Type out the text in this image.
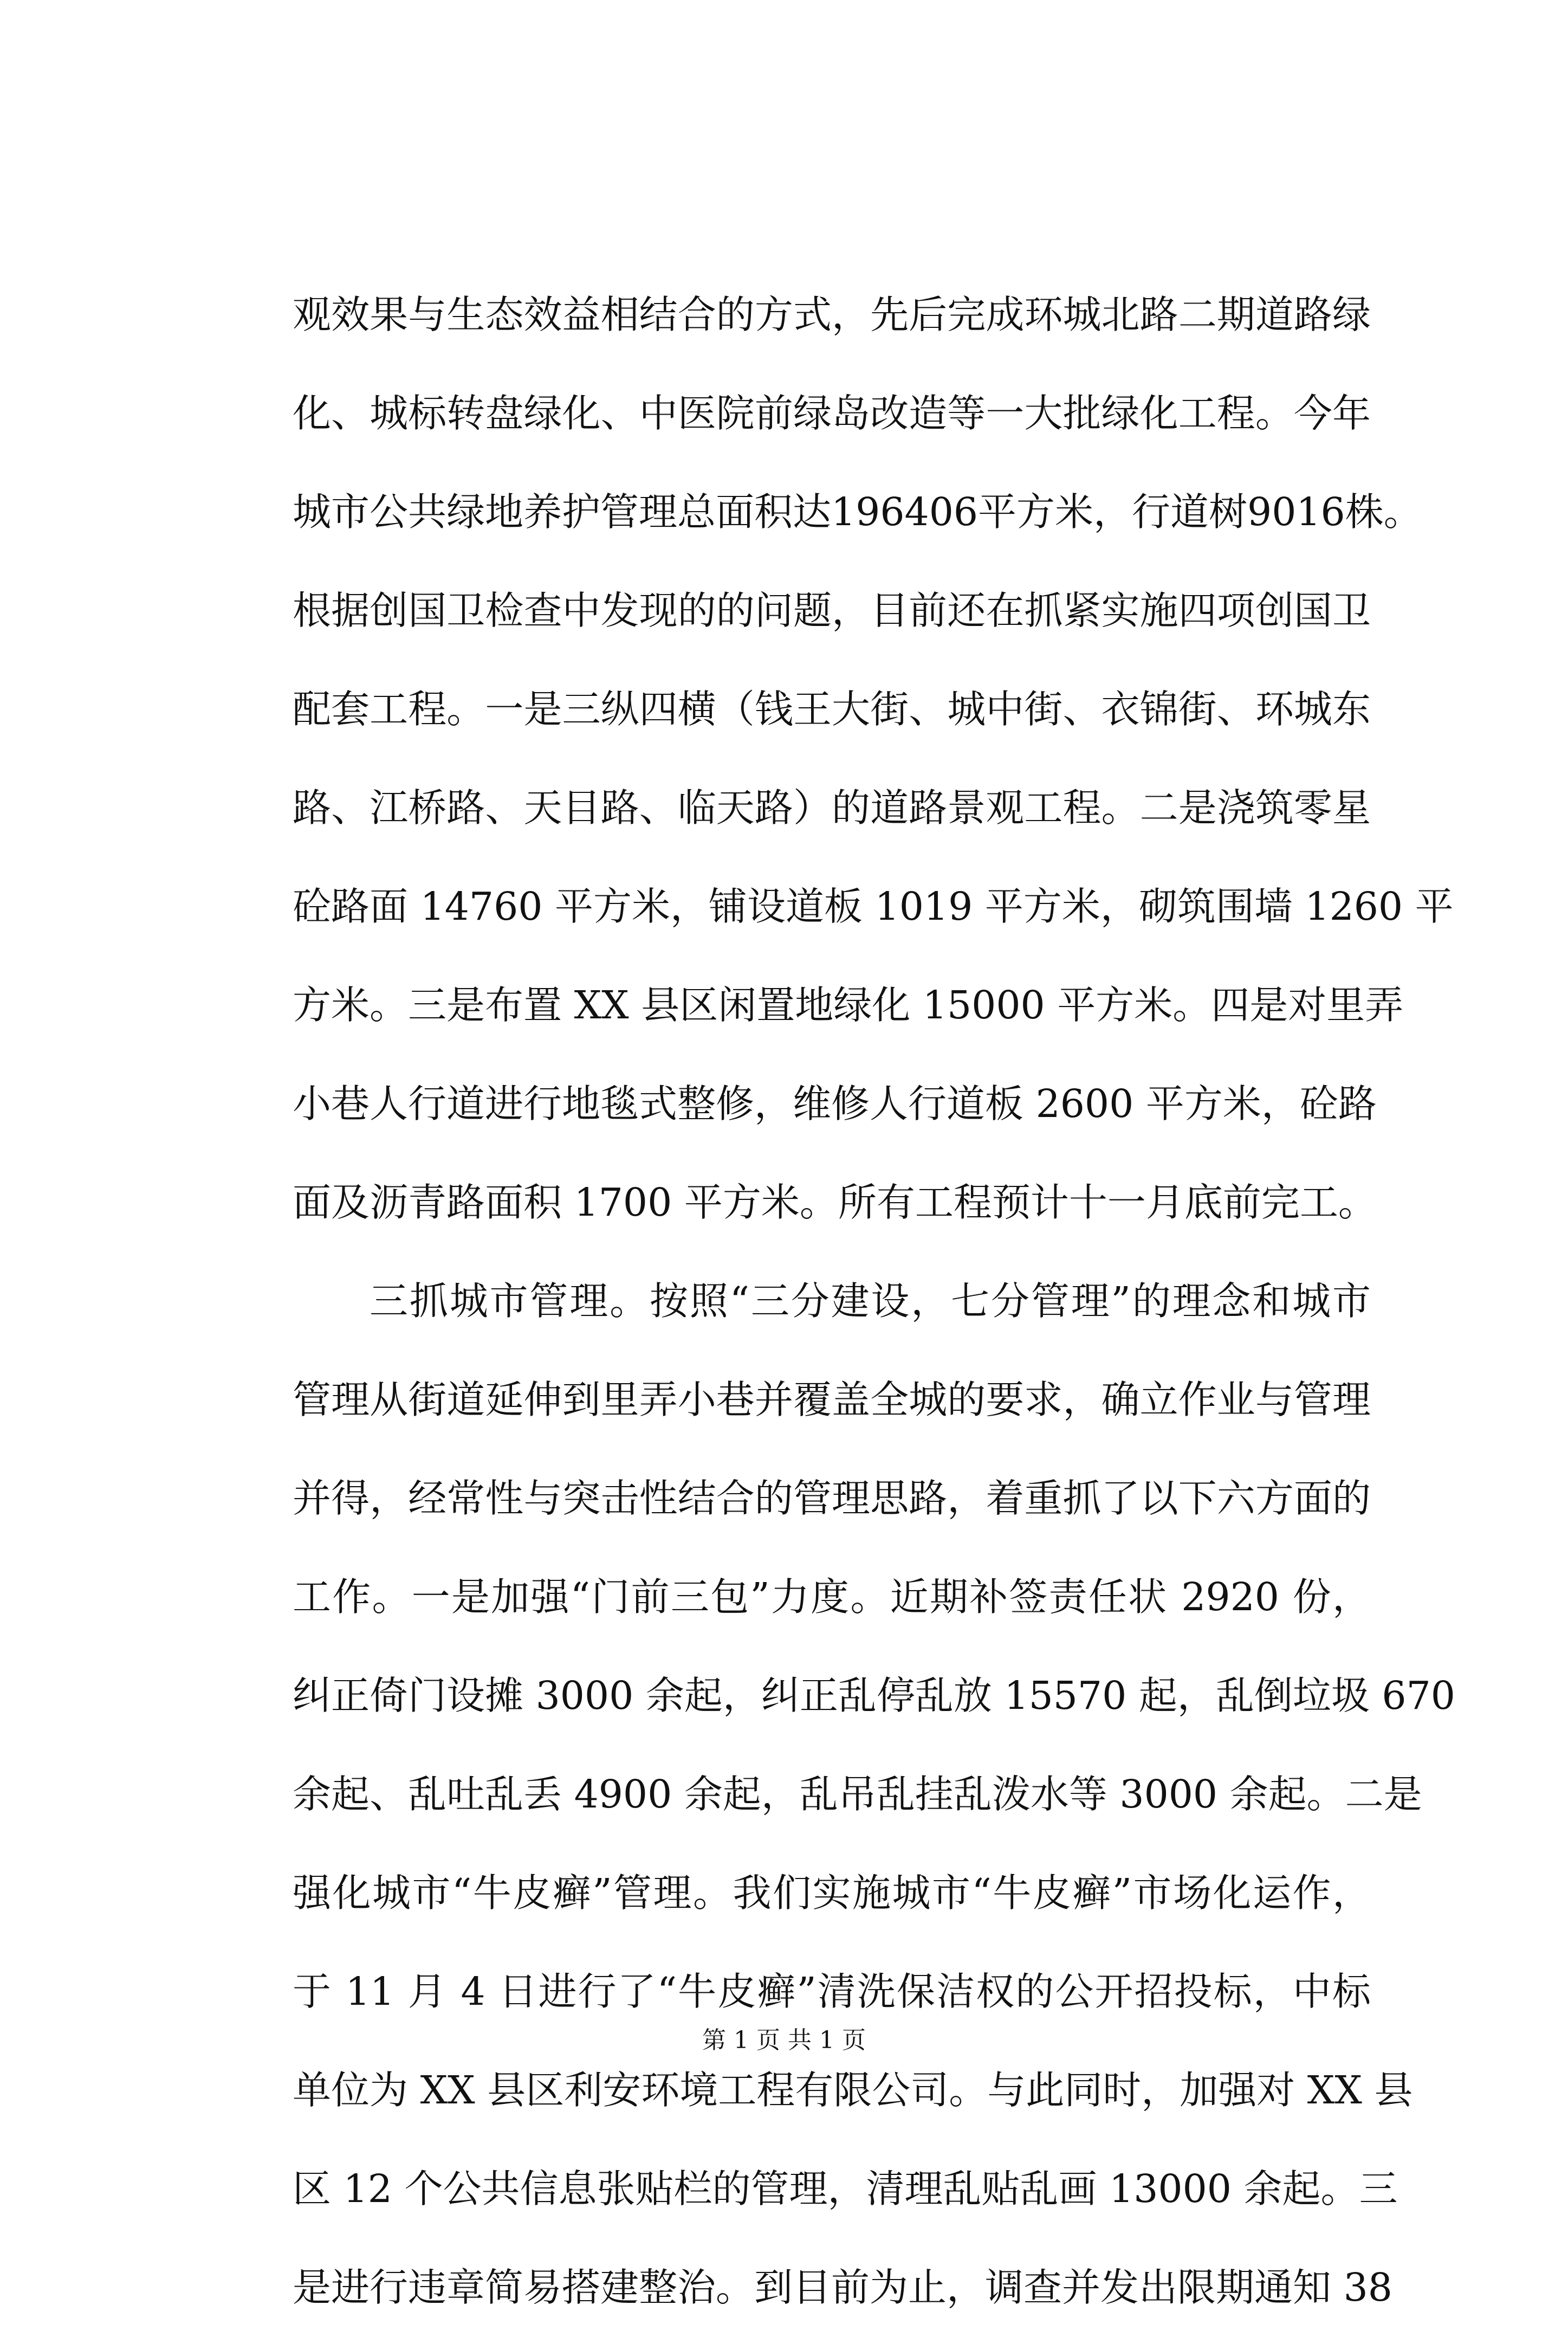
观效果与生态效益相结合的方式，先后完成环城北路二期道路绿
化、城标转盘绿化、中医院前绿岛改造等一大批绿化工程。今年
城市公共绿地养护管理总面积达196406平方米，行道树9016株。
根据创国卫检查中发现的的问题，目前还在抓紧实施四项创国卫
配套工程。一是三纵四横（钱王大街、城中街、衣锦街、环城东
路、江桥路、天目路、临天路）的道路景观工程。二是浇筑零星
砼路面 14760 平方米，铺设道板 1019 平方米，砌筑围墙 1260 平
方米。三是布置 XX 县区闲置地绿化 15000 平方米。四是对里弄
小巷人行道进行地毯式整修，维修人行道板 2600 平方米，砼路
面及沥青路面积 1700 平方米。所有工程预计十一月底前完工。
三抓城市管理。按照“三分建设，七分管理”的理念和城市
管理从街道延伸到里弄小巷并覆盖全城的要求，确立作业与管理
并得，经常性与突击性结合的管理思路，着重抓了以下六方面的
工作。一是加强“门前三包”力度。近期补签责任状 2920 份，
纠正倚门设摊 3000 余起，纠正乱停乱放 15570 起，乱倒垃圾 670
余起、乱吐乱丢 4900 余起，乱吊乱挂乱泼水等 3000 余起。二是
强化城市“牛皮癣”管理。我们实施城市“牛皮癣”市场化运作，
于 11 月 4 日进行了“牛皮癣”清洗保洁权的公开招投标，中标
单位为 XX 县区利安环境工程有限公司。与此同时，加强对 XX 县
区 12 个公共信息张贴栏的管理，清理乱贴乱画 13000 余起。三
是进行违章简易搭建整治。到目前为止，调查并发出限期通知 38
第 1 页 共 1 页
